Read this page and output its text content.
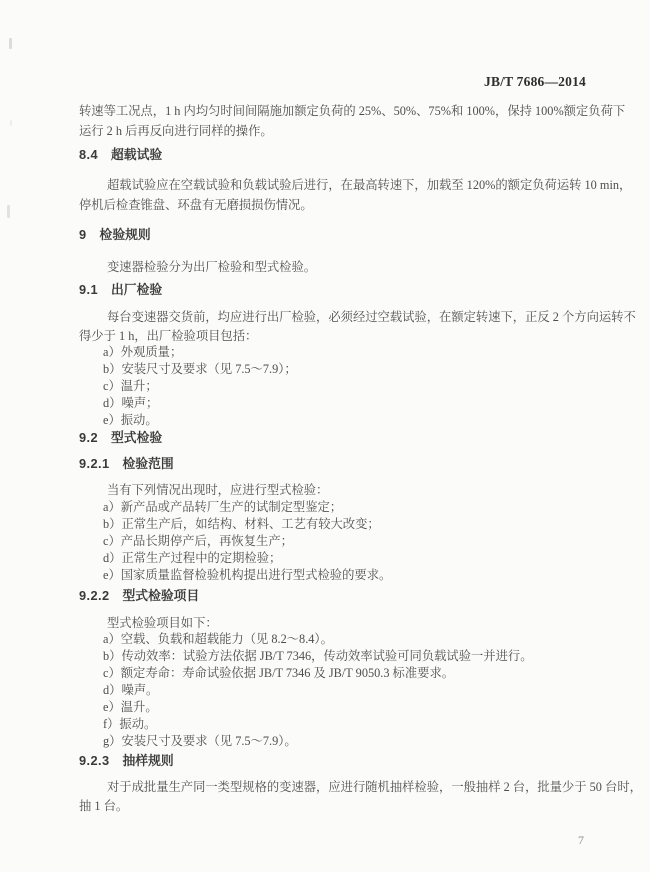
JB/T 7686—2014
转速等工况点，1 h 内均匀时间间隔施加额定负荷的 25%、50%、75%和 100%，保持 100%额定负荷下
运行 2 h 后再反向进行同样的操作。
8.4 超载试验
超载试验应在空载试验和负载试验后进行，在最高转速下，加载至 120%的额定负荷运转 10 min，
停机后检查锥盘、环盘有无磨损损伤情况。
9 检验规则
变速器检验分为出厂检验和型式检验。
9.1 出厂检验
每台变速器交货前，均应进行出厂检验，必须经过空载试验，在额定转速下，正反 2 个方向运转不
得少于 1 h，出厂检验项目包括：
a）外观质量；
b）安装尺寸及要求（见 7.5～7.9）；
c）温升；
d）噪声；
e）振动。
9.2 型式检验
9.2.1 检验范围
当有下列情况出现时，应进行型式检验：
a）新产品或产品转厂生产的试制定型鉴定；
b）正常生产后，如结构、材料、工艺有较大改变；
c）产品长期停产后，再恢复生产；
d）正常生产过程中的定期检验；
e）国家质量监督检验机构提出进行型式检验的要求。
9.2.2 型式检验项目
型式检验项目如下：
a）空载、负载和超载能力（见 8.2～8.4）。
b）传动效率：试验方法依据 JB/T 7346，传动效率试验可同负载试验一并进行。
c）额定寿命：寿命试验依据 JB/T 7346 及 JB/T 9050.3 标准要求。
d）噪声。
e）温升。
f）振动。
g）安装尺寸及要求（见 7.5～7.9）。
9.2.3 抽样规则
对于成批量生产同一类型规格的变速器，应进行随机抽样检验，一般抽样 2 台，批量少于 50 台时，
抽 1 台。
7
